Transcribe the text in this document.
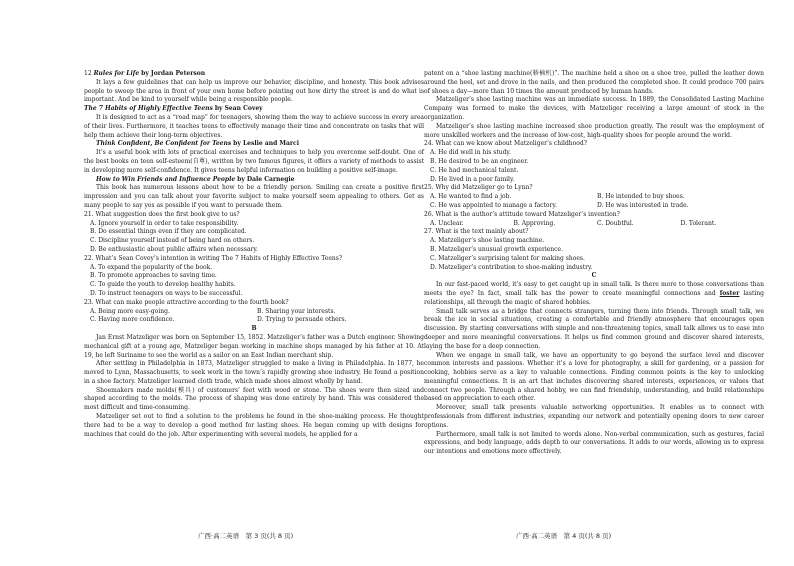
12 Rules for Life by Jordan Peterson

It lays a few guidelines that can help us improve our behavior, discipline, and honesty. This book advises people to sweep the area in front of your own home before pointing out how dirty the street is and do what is important. And be kind to yourself while being a responsible people.

The 7 Habits of Highly Effective Teens by Sean Covey

It is designed to act as a “road map” for teenagers, showing them the way to achieve success in every area of their lives. Furthermore, it teaches teens to effectively manage their time and concentrate on tasks that will help them achieve their long-term objectives.

Think Confident, Be Confident for Teens by Leslie and Marci

It’s a useful book with lots of practical exercises and techniques to help you overcome self-doubt. One of the best books on teen self-esteem(自尊), written by two famous figures, it offers a variety of methods to assist in developing more self-confidence. It gives teens helpful information on building a positive self-image.

How to Win Friends and Influence People by Dale Carnegie

This book has numerous lessons about how to be a friendly person. Smiling can create a positive first impression and you can talk about your favorite subject to make yourself seem appealing to others. Get as many people to say yes as possible if you want to persuade them.

21. What suggestion does the first book give to us?

A. Ignore yourself in order to take responsibility.

B. Do essential things even if they are complicated.

C. Discipline yourself instead of being hard on others.

D. Be enthusiastic about public affairs when necessary.

22. What’s Sean Covey’s intention in writing The 7 Habits of Highly Effective Teens?

A. To expand the popularity of the book.

B. To promote approaches to saving time.

C. To guide the youth to develop healthy habits.

D. To instruct teenagers on ways to be successful.

23. What can make people attractive according to the fourth book?

A. Being more easy-going.	B. Sharing your interests.
C. Having more confidence.	D. Trying to persuade others.

B

Jan Ernst Matzeliger was born on September 15, 1852. Matzeliger’s father was a Dutch engineer. Showing mechanical gift at a young age, Matzeliger began working in machine shops managed by his father at 10. At 19, he left Suriname to see the world as a sailor on an East Indian merchant ship.

After settling in Philadelphia in 1873, Matzeliger struggled to make a living in Philadelphia. In 1877, he moved to Lynn, Massachusetts, to seek work in the town’s rapidly growing shoe industry. He found a position in a shoe factory. Matzeliger learned cloth trade, which made shoes almost wholly by hand.

Shoemakers made molds(模具) of customers’ feet with wood or stone. The shoes were then sized and shaped according to the molds. The process of shaping was done entirely by hand. This was considered the most difficult and time-consuming.

Matzeliger set out to find a solution to the problems he found in the shoe-making process. He thought there had to be a way to develop a good method for lasting shoes. He began coming up with designs for machines that could do the job. After experimenting with several models, he applied for a

patent on a “shoe lasting machine(鞒楠机)”. The machine held a shoe on a shoe tree, pulled the leather down around the heel, set and drove in the nails, and then produced the completed shoe. It could produce 700 pairs of shoes a day—more than 10 times the amount produced by human hands.

Matzeliger’s shoe lasting machine was an immediate success. In 1889, the Consolidated Lasting Machine Company was formed to make the devices, with Matzeliger receiving a large amount of stock in the organization.

Matzeliger’s shoe lasting machine increased shoe production greatly. The result was the employment of more unskilled workers and the increase of low-cost, high-quality shoes for people around the world.

24. What can we know about Matzeliger’s childhood?

A. He did well in his study.

B. He desired to be an engineer.

C. He had mechanical talent.

D. He lived in a poor family.

25. Why did Matzeliger go to Lynn?

A. He wanted to find a job.	B. He intended to buy shoes.
C. He was appointed to manage a factory.	D. He was interested in trade.

26. What is the author’s attitude toward Matzeliger’s invention?

A. Unclear.	B. Approving.	C. Doubtful.	D. Tolerant.

27. What is the text mainly about?

A. Matzeliger’s shoe lasting machine.

B. Matzeliger’s unusual growth experience.

C. Matzeliger’s surprising talent for making shoes.

D. Matzeliger’s contribution to shoe-making industry.

C

In our fast-paced world, it’s easy to get caught up in small talk. Is there more to those conversations than meets the eye? In fact, small talk has the power to create meaningful connections and foster lasting relationships, all through the magic of shared hobbies.

Small talk serves as a bridge that connects strangers, turning them into friends. Through small talk, we break the ice in social situations, creating a comfortable and friendly atmosphere that encourages open discussion. By starting conversations with simple and non-threatening topics, small talk allows us to ease into deeper and more meaningful conversations. It helps us find common ground and discover shared interests, laying the base for a deep connection.

When we engage in small talk, we have an opportunity to go beyond the surface level and discover common interests and passions. Whether it’s a love for photography, a skill for gardening, or a passion for cooking, hobbies serve as a key to valuable connections. Finding common points is the key to unlocking meaningful connections. It is an art that includes discovering shared interests, experiences, or values that connect two people. Through a shared hobby, we can find friendship, understanding, and build relationships based on appreciation to each other.

Moreover, small talk presents valuable networking opportunities. It enables us to connect with professionals from different industries, expanding our network and potentially opening doors to new career options.

Furthermore, small talk is not limited to words alone. Non-verbal communication, such as gestures, facial expressions, and body language, adds depth to our conversations. It adds to our words, allowing us to express our intentions and emotions more effectively.

广西·高二英语　第 3 页(共 8 页)	广西·高二英语　第 4 页(共 8 页)
